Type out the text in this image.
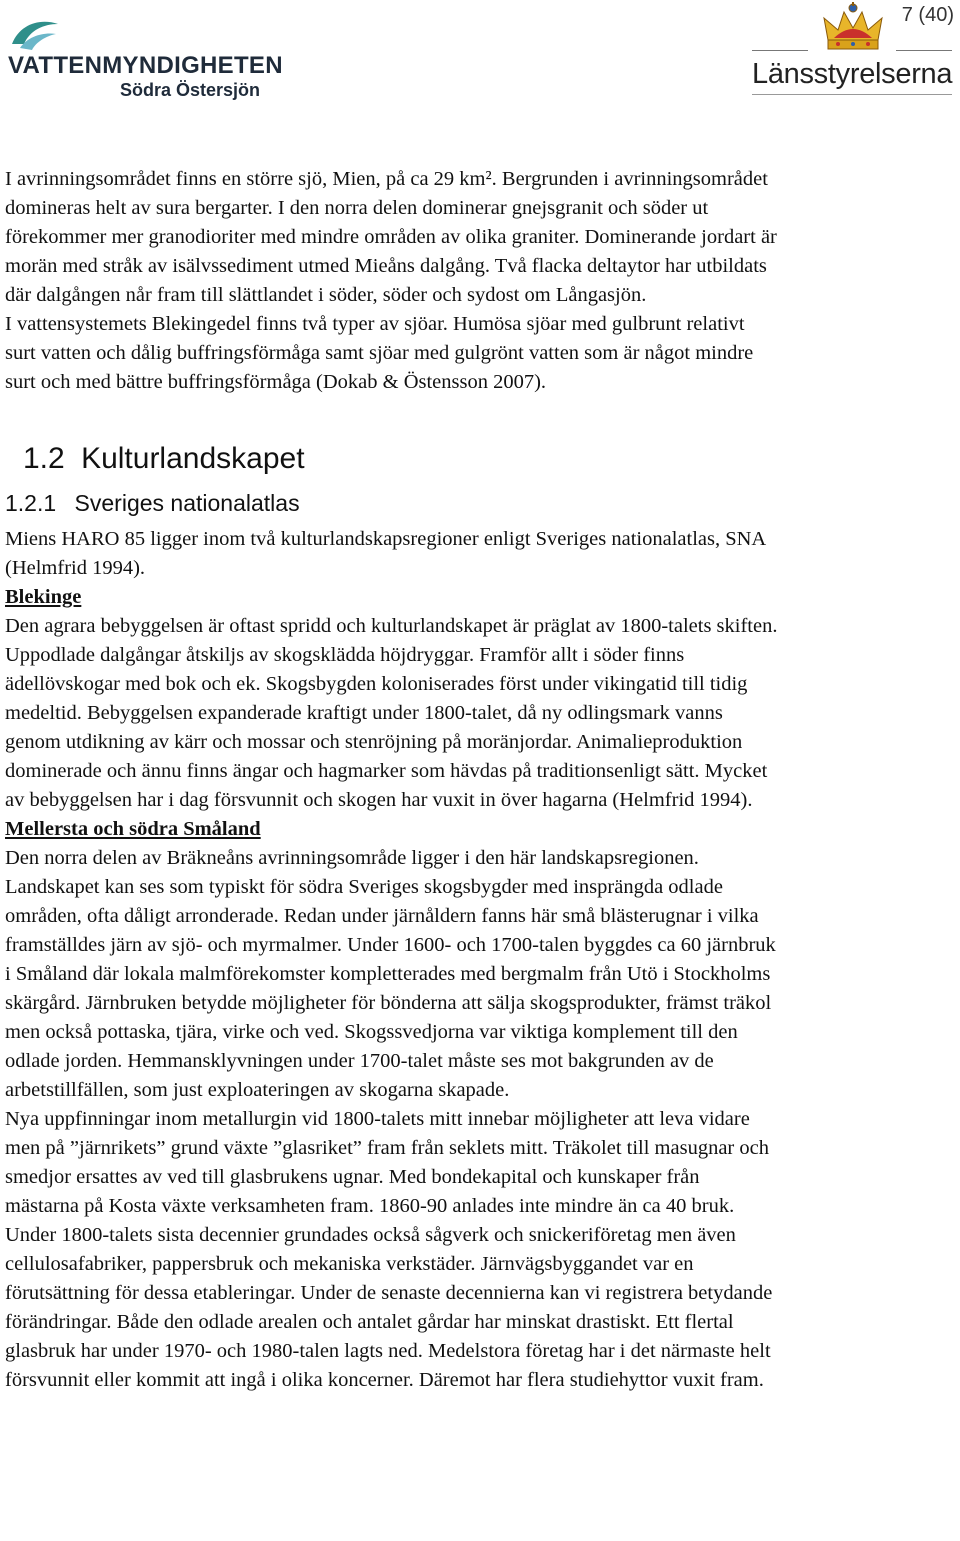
VATTENMYNDIGHETEN
Södra Östersjön
7 (40)
Länsstyrelserna

I avrinningsområdet finns en större sjö, Mien, på ca 29 km². Bergrunden i avrinningsområdet
domineras helt av sura bergarter. I den norra delen dominerar gnejsgranit och söder ut
förekommer mer granodioriter med mindre områden av olika graniter. Dominerande jordart är
morän med stråk av isälvssediment utmed Mieåns dalgång. Två flacka deltaytor har utbildats
där dalgången når fram till slättlandet i söder, söder och sydost om Långasjön.

I vattensystemets Blekingedel finns två typer av sjöar. Humösa sjöar med gulbrunt relativt
surt vatten och dålig buffringsförmåga samt sjöar med gulgrönt vatten som är något mindre
surt och med bättre buffringsförmåga (Dokab & Östensson 2007).

1.2 Kulturlandskapet
1.2.1 Sveriges nationalatlas

Miens HARO 85 ligger inom två kulturlandskapsregioner enligt Sveriges nationalatlas, SNA
(Helmfrid 1994).

Blekinge

Den agrara bebyggelsen är oftast spridd och kulturlandskapet är präglat av 1800-talets skiften.
Uppodlade dalgångar åtskiljs av skogsklädda höjdryggar. Framför allt i söder finns
ädellövskogar med bok och ek. Skogsbygden koloniserades först under vikingatid till tidig
medeltid. Bebyggelsen expanderade kraftigt under 1800-talet, då ny odlingsmark vanns
genom utdikning av kärr och mossar och stenröjning på moränjordar. Animalieproduktion
dominerade och ännu finns ängar och hagmarker som hävdas på traditionsenligt sätt. Mycket
av bebyggelsen har i dag försvunnit och skogen har vuxit in över hagarna (Helmfrid 1994).

Mellersta och södra Småland

Den norra delen av Bräkneåns avrinningsområde ligger i den här landskapsregionen.
Landskapet kan ses som typiskt för södra Sveriges skogsbygder med insprängda odlade
områden, ofta dåligt arronderade. Redan under järnåldern fanns här små blästerugnar i vilka
framställdes järn av sjö- och myrmalmer. Under 1600- och 1700-talen byggdes ca 60 järnbruk
i Småland där lokala malmförekomster kompletterades med bergmalm från Utö i Stockholms
skärgård. Järnbruken betydde möjligheter för bönderna att sälja skogsprodukter, främst träkol
men också pottaska, tjära, virke och ved. Skogssvedjorna var viktiga komplement till den
odlade jorden. Hemmansklyvningen under 1700-talet måste ses mot bakgrunden av de
arbetstillfällen, som just exploateringen av skogarna skapade.

Nya uppfinningar inom metallurgin vid 1800-talets mitt innebar möjligheter att leva vidare
men på ”järnrikets” grund växte ”glasriket” fram från seklets mitt. Träkolet till masugnar och
smedjor ersattes av ved till glasbrukens ugnar. Med bondekapital och kunskaper från
mästarna på Kosta växte verksamheten fram. 1860-90 anlades inte mindre än ca 40 bruk.
Under 1800-talets sista decennier grundades också sågverk och snickeriföretag men även
cellulosafabriker, pappersbruk och mekaniska verkstäder. Järnvägsbyggandet var en
förutsättning för dessa etableringar. Under de senaste decennierna kan vi registrera betydande
förändringar. Både den odlade arealen och antalet gårdar har minskat drastiskt. Ett flertal
glasbruk har under 1970- och 1980-talen lagts ned. Medelstora företag har i det närmaste helt
försvunnit eller kommit att ingå i olika koncerner. Däremot har flera studiehyttor vuxit fram.
